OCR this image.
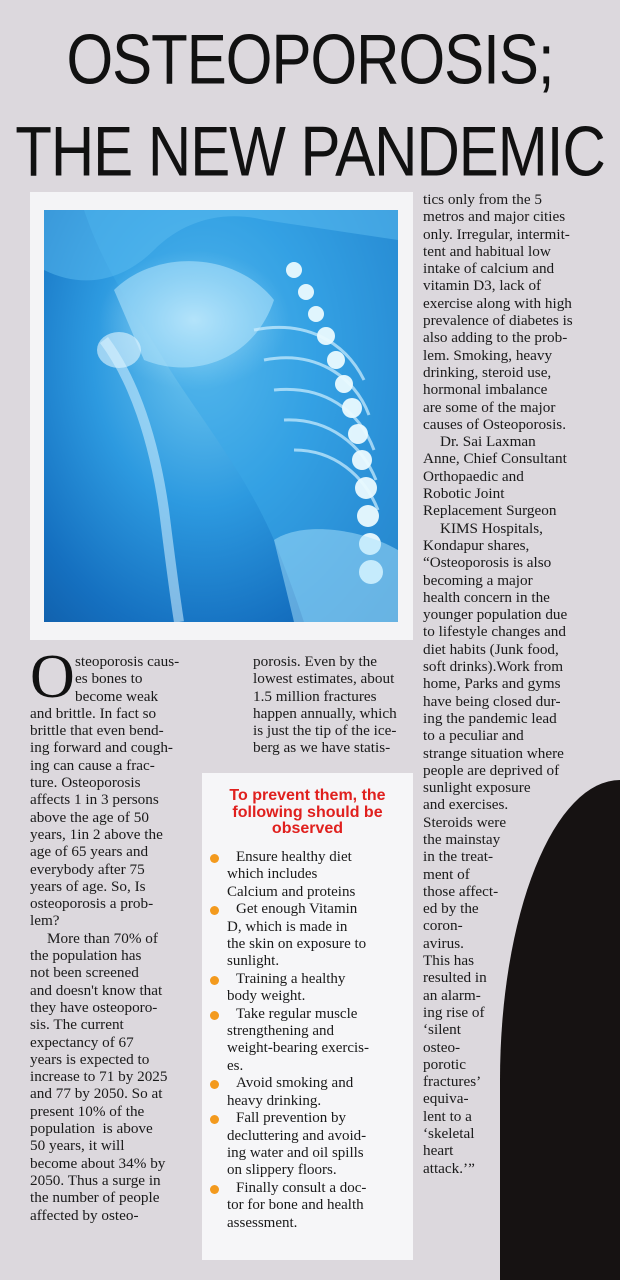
OSTEOPOROSIS;
THE NEW PANDEMIC
O steoporosis caus-
es bones to
become weak
and brittle. In fact so
brittle that even bend-
ing forward and cough-
ing can cause a frac-
ture. Osteoporosis
affects 1 in 3 persons
above the age of 50
years, 1in 2 above the
age of 65 years and
everybody after 75
years of age. So, Is
osteoporosis a prob-
lem?
More than 70% of
the population has
not been screened
and doesn't know that
they have osteoporo-
sis. The current
expectancy of 67
years is expected to
increase to 71 by 2025
and 77 by 2050. So at
present 10% of the
population  is above
50 years, it will
become about 34% by
2050. Thus a surge in
the number of people
affected by osteo-
porosis. Even by the
lowest estimates, about
1.5 million fractures
happen annually, which
is just the tip of the ice-
berg as we have statis-
tics only from the 5
metros and major cities
only. Irregular, intermit-
tent and habitual low
intake of calcium and
vitamin D3, lack of
exercise along with high
prevalence of diabetes is
also adding to the prob-
lem. Smoking, heavy
drinking, steroid use,
hormonal imbalance
are some of the major
causes of Osteoporosis.
Dr. Sai Laxman
Anne, Chief Consultant
Orthopaedic and
Robotic Joint
Replacement Surgeon
KIMS Hospitals,
Kondapur shares,
“Osteoporosis is also
becoming a major
health concern in the
younger population due
to lifestyle changes and
diet habits (Junk food,
soft drinks).Work from
home, Parks and gyms
have being closed dur-
ing the pandemic lead
to a peculiar and
strange situation where
people are deprived of
sunlight exposure
and exercises.
Steroids were
the mainstay
in the treat-
ment of
those affect-
ed by the
coron-
avirus.
This has
resulted in
an alarm-
ing rise of
‘silent
osteo-
porotic
fractures’
equiva-
lent to a
‘skeletal
heart
attack.’”
To prevent them, the
following should be
observed
Ensure healthy diet
which includes
Calcium and proteins
Get enough Vitamin
D, which is made in
the skin on exposure to
sunlight.
Training a healthy
body weight.
Take regular muscle
strengthening and
weight-bearing exercis-
es.
Avoid smoking and
heavy drinking.
Fall prevention by
decluttering and avoid-
ing water and oil spills
on slippery floors.
Finally consult a doc-
tor for bone and health
assessment.
